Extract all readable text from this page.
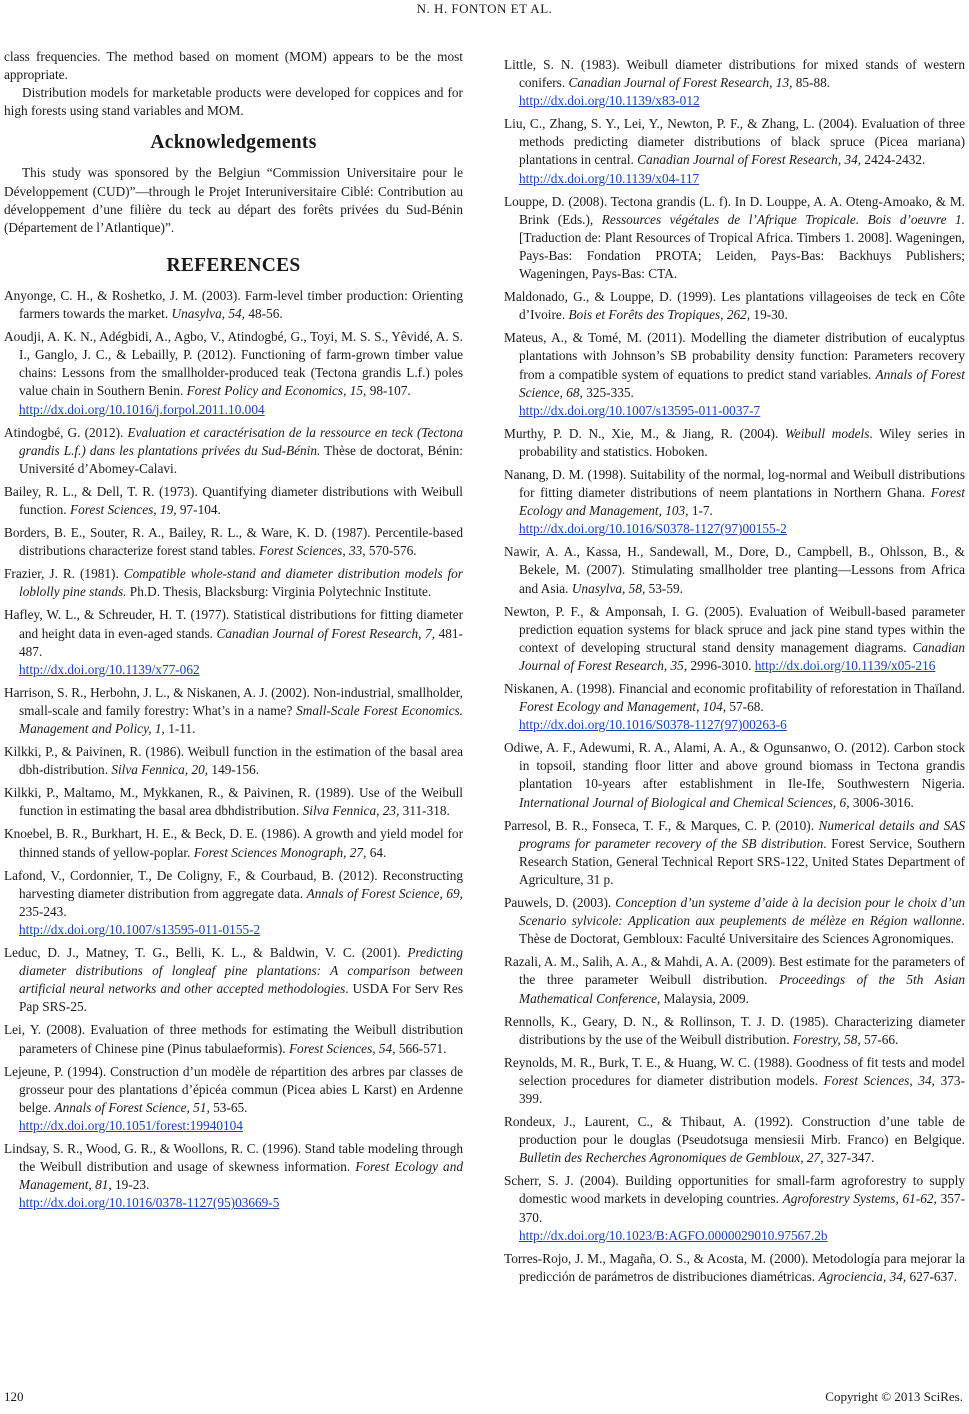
N. H. FONTON ET AL.

class frequencies. The method based on moment (MOM) appears to be the most appropriate.

Distribution models for marketable products were developed for coppices and for high forests using stand variables and MOM.

Acknowledgements

This study was sponsored by the Belgiun “Commission Universitaire pour le Développement (CUD)”—through le Projet Interuniversitaire Ciblé: Contribution au développement d’une filière du teck au départ des forêts privées du Sud-Bénin (Département de l’Atlantique)”.

REFERENCES

Anyonge, C. H., & Roshetko, J. M. (2003). Farm-level timber production: Orienting farmers towards the market. Unasylva, 54, 48-56.

Aoudji, A. K. N., Adégbidi, A., Agbo, V., Atindogbé, G., Toyi, M. S. S., Yêvidé, A. S. I., Ganglo, J. C., & Lebailly, P. (2012). Functioning of farm-grown timber value chains: Lessons from the smallholder-produced teak (Tectona grandis L.f.) poles value chain in Southern Benin. Forest Policy and Economics, 15, 98-107.
http://dx.doi.org/10.1016/j.forpol.2011.10.004

Atindogbé, G. (2012). Evaluation et caractérisation de la ressource en teck (Tectona grandis L.f.) dans les plantations privées du Sud-Bénin. Thèse de doctorat, Bénin: Université d’Abomey-Calavi.

Bailey, R. L., & Dell, T. R. (1973). Quantifying diameter distributions with Weibull function. Forest Sciences, 19, 97-104.

Borders, B. E., Souter, R. A., Bailey, R. L., & Ware, K. D. (1987). Percentile-based distributions characterize forest stand tables. Forest Sciences, 33, 570-576.

Frazier, J. R. (1981). Compatible whole-stand and diameter distribution models for loblolly pine stands. Ph.D. Thesis, Blacksburg: Virginia Polytechnic Institute.

Hafley, W. L., & Schreuder, H. T. (1977). Statistical distributions for fitting diameter and height data in even-aged stands. Canadian Journal of Forest Research, 7, 481-487.
http://dx.doi.org/10.1139/x77-062

Harrison, S. R., Herbohn, J. L., & Niskanen, A. J. (2002). Non-industrial, smallholder, small-scale and family forestry: What’s in a name? Small-Scale Forest Economics. Management and Policy, 1, 1-11.

Kilkki, P., & Paivinen, R. (1986). Weibull function in the estimation of the basal area dbh-distribution. Silva Fennica, 20, 149-156.

Kilkki, P., Maltamo, M., Mykkanen, R., & Paivinen, R. (1989). Use of the Weibull function in estimating the basal area dbhdistribution. Silva Fennica, 23, 311-318.

Knoebel, B. R., Burkhart, H. E., & Beck, D. E. (1986). A growth and yield model for thinned stands of yellow-poplar. Forest Sciences Monograph, 27, 64.

Lafond, V., Cordonnier, T., De Coligny, F., & Courbaud, B. (2012). Reconstructing harvesting diameter distribution from aggregate data. Annals of Forest Science, 69, 235-243.
http://dx.doi.org/10.1007/s13595-011-0155-2

Leduc, D. J., Matney, T. G., Belli, K. L., & Baldwin, V. C. (2001). Predicting diameter distributions of longleaf pine plantations: A comparison between artificial neural networks and other accepted methodologies. USDA For Serv Res Pap SRS-25.

Lei, Y. (2008). Evaluation of three methods for estimating the Weibull distribution parameters of Chinese pine (Pinus tabulaeformis). Forest Sciences, 54, 566-571.

Lejeune, P. (1994). Construction d’un modèle de répartition des arbres par classes de grosseur pour des plantations d’épicéa commun (Picea abies L Karst) en Ardenne belge. Annals of Forest Science, 51, 53-65.
http://dx.doi.org/10.1051/forest:19940104

Lindsay, S. R., Wood, G. R., & Woollons, R. C. (1996). Stand table modeling through the Weibull distribution and usage of skewness information. Forest Ecology and Management, 81, 19-23.
http://dx.doi.org/10.1016/0378-1127(95)03669-5

Little, S. N. (1983). Weibull diameter distributions for mixed stands of western conifers. Canadian Journal of Forest Research, 13, 85-88.
http://dx.doi.org/10.1139/x83-012

Liu, C., Zhang, S. Y., Lei, Y., Newton, P. F., & Zhang, L. (2004). Evaluation of three methods predicting diameter distributions of black spruce (Picea mariana) plantations in central. Canadian Journal of Forest Research, 34, 2424-2432.
http://dx.doi.org/10.1139/x04-117

Louppe, D. (2008). Tectona grandis (L. f). In D. Louppe, A. A. Oteng-Amoako, & M. Brink (Eds.), Ressources végétales de l’Afrique Tropicale. Bois d’oeuvre 1. [Traduction de: Plant Resources of Tropical Africa. Timbers 1. 2008]. Wageningen, Pays-Bas: Fondation PROTA; Leiden, Pays-Bas: Backhuys Publishers; Wageningen, Pays-Bas: CTA.

Maldonado, G., & Louppe, D. (1999). Les plantations villageoises de teck en Côte d’Ivoire. Bois et Forêts des Tropiques, 262, 19-30.

Mateus, A., & Tomé, M. (2011). Modelling the diameter distribution of eucalyptus plantations with Johnson’s SB probability density function: Parameters recovery from a compatible system of equations to predict stand variables. Annals of Forest Science, 68, 325-335.
http://dx.doi.org/10.1007/s13595-011-0037-7

Murthy, P. D. N., Xie, M., & Jiang, R. (2004). Weibull models. Wiley series in probability and statistics. Hoboken.

Nanang, D. M. (1998). Suitability of the normal, log-normal and Weibull distributions for fitting diameter distributions of neem plantations in Northern Ghana. Forest Ecology and Management, 103, 1-7.
http://dx.doi.org/10.1016/S0378-1127(97)00155-2

Nawir, A. A., Kassa, H., Sandewall, M., Dore, D., Campbell, B., Ohlsson, B., & Bekele, M. (2007). Stimulating smallholder tree planting—Lessons from Africa and Asia. Unasylva, 58, 53-59.

Newton, P. F., & Amponsah, I. G. (2005). Evaluation of Weibull-based parameter prediction equation systems for black spruce and jack pine stand types within the context of developing structural stand density management diagrams. Canadian Journal of Forest Research, 35, 2996-3010. http://dx.doi.org/10.1139/x05-216

Niskanen, A. (1998). Financial and economic profitability of reforestation in Thaïland. Forest Ecology and Management, 104, 57-68.
http://dx.doi.org/10.1016/S0378-1127(97)00263-6

Odiwe, A. F., Adewumi, R. A., Alami, A. A., & Ogunsanwo, O. (2012). Carbon stock in topsoil, standing floor litter and above ground biomass in Tectona grandis plantation 10-years after establishment in Ile-Ife, Southwestern Nigeria. International Journal of Biological and Chemical Sciences, 6, 3006-3016.

Parresol, B. R., Fonseca, T. F., & Marques, C. P. (2010). Numerical details and SAS programs for parameter recovery of the SB distribution. Forest Service, Southern Research Station, General Technical Report SRS-122, United States Department of Agriculture, 31 p.

Pauwels, D. (2003). Conception d’un systeme d’aide à la decision pour le choix d’un Scenario sylvicole: Application aux peuplements de mélèze en Région wallonne. Thèse de Doctorat, Gembloux: Faculté Universitaire des Sciences Agronomiques.

Razali, A. M., Salih, A. A., & Mahdi, A. A. (2009). Best estimate for the parameters of the three parameter Weibull distribution. Proceedings of the 5th Asian Mathematical Conference, Malaysia, 2009.

Rennolls, K., Geary, D. N., & Rollinson, T. J. D. (1985). Characterizing diameter distributions by the use of the Weibull distribution. Forestry, 58, 57-66.

Reynolds, M. R., Burk, T. E., & Huang, W. C. (1988). Goodness of fit tests and model selection procedures for diameter distribution models. Forest Sciences, 34, 373-399.

Rondeux, J., Laurent, C., & Thibaut, A. (1992). Construction d’une table de production pour le douglas (Pseudotsuga mensiesii Mirb. Franco) en Belgique. Bulletin des Recherches Agronomiques de Gembloux, 27, 327-347.

Scherr, S. J. (2004). Building opportunities for small-farm agroforestry to supply domestic wood markets in developing countries. Agroforestry Systems, 61-62, 357-370.
http://dx.doi.org/10.1023/B:AGFO.0000029010.97567.2b

Torres-Rojo, J. M., Magaña, O. S., & Acosta, M. (2000). Metodología para mejorar la predicción de parámetros de distribuciones diamétricas. Agrociencia, 34, 627-637.

120	Copyright © 2013 SciRes.
